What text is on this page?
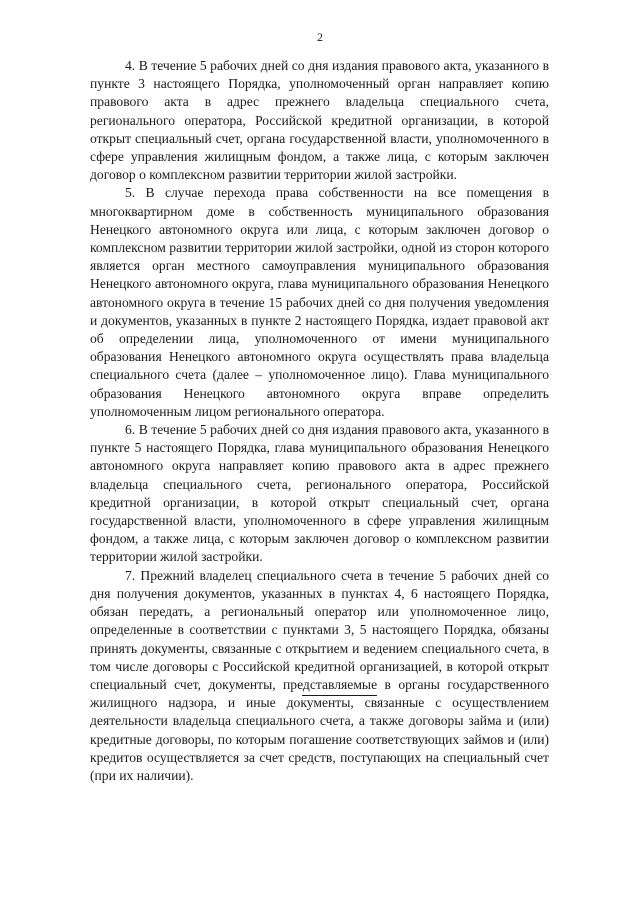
2

4. В течение 5 рабочих дней со дня издания правового акта, указанного в пункте 3 настоящего Порядка, уполномоченный орган направляет копию правового акта в адрес прежнего владельца специального счета, регионального оператора, Российской кредитной организации, в которой открыт специальный счет, органа государственной власти, уполномоченного в сфере управления жилищным фондом, а также лица, с которым заключен договор о комплексном развитии территории жилой застройки.

5. В случае перехода права собственности на все помещения в многоквартирном доме в собственность муниципального образования Ненецкого автономного округа или лица, с которым заключен договор о комплексном развитии территории жилой застройки, одной из сторон которого является орган местного самоуправления муниципального образования Ненецкого автономного округа, глава муниципального образования Ненецкого автономного округа в течение 15 рабочих дней со дня получения уведомления и документов, указанных в пункте 2 настоящего Порядка, издает правовой акт об определении лица, уполномоченного от имени муниципального образования Ненецкого автономного округа осуществлять права владельца специального счета (далее – уполномоченное лицо). Глава муниципального образования Ненецкого автономного округа вправе определить уполномоченным лицом регионального оператора.

6. В течение 5 рабочих дней со дня издания правового акта, указанного в пункте 5 настоящего Порядка, глава муниципального образования Ненецкого автономного округа направляет копию правового акта в адрес прежнего владельца специального счета, регионального оператора, Российской кредитной организации, в которой открыт специальный счет, органа государственной власти, уполномоченного в сфере управления жилищным фондом, а также лица, с которым заключен договор о комплексном развитии территории жилой застройки.

7. Прежний владелец специального счета в течение 5 рабочих дней со дня получения документов, указанных в пунктах 4, 6 настоящего Порядка, обязан передать, а региональный оператор или уполномоченное лицо, определенные в соответствии с пунктами 3, 5 настоящего Порядка, обязаны принять документы, связанные с открытием и ведением специального счета, в том числе договоры с Российской кредитной организацией, в которой открыт специальный счет, документы, представляемые в органы государственного жилищного надзора, и иные документы, связанные с осуществлением деятельности владельца специального счета, а также договоры займа и (или) кредитные договоры, по которым погашение соответствующих займов и (или) кредитов осуществляется за счет средств, поступающих на специальный счет (при их наличии).
